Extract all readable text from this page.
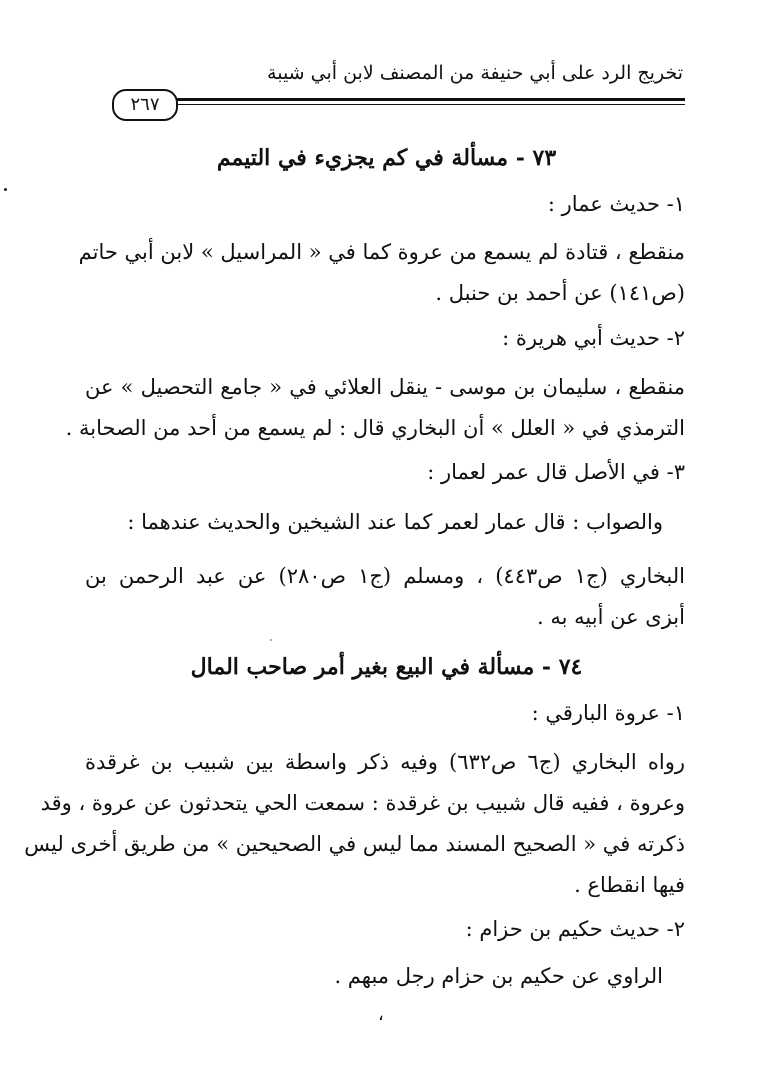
تخريج الرد على أبي حنيفة من المصنف لابن أبي شيبة
٢٦٧
٧٣ - مسألة في كم يجزيء في التيمم
١- حديث عمار :
منقطع ، قتادة لم يسمع من عروة كما في « المراسيل » لابن أبي حاتم
(ص١٤١) عن أحمد بن حنبل .
٢- حديث أبي هريرة :
منقطع ، سليمان بن موسى - ينقل العلائي في « جامع التحصيل » عن
الترمذي في « العلل » أن البخاري قال : لم يسمع من أحد من الصحابة .
٣- في الأصل قال عمر لعمار :
والصواب : قال عمار لعمر كما عند الشيخين والحديث عندهما :
البخاري (ج١ ص٤٤٣) ، ومسلم (ج١ ص٢٨٠) عن عبد الرحمن بن
أبزى عن أبيه به .
٧٤ - مسألة في البيع بغير أمر صاحب المال
١- عروة البارقي :
رواه البخاري (ج٦ ص٦٣٢) وفيه ذكر واسطة بين شبيب بن غرقدة
وعروة ، ففيه قال شبيب بن غرقدة : سمعت الحي يتحدثون عن عروة ، وقد
ذكرته في « الصحيح المسند مما ليس في الصحيحين » من طريق أخرى ليس
فيها انقطاع .
٢- حديث حكيم بن حزام :
الراوي عن حكيم بن حزام رجل مبهم .
،
